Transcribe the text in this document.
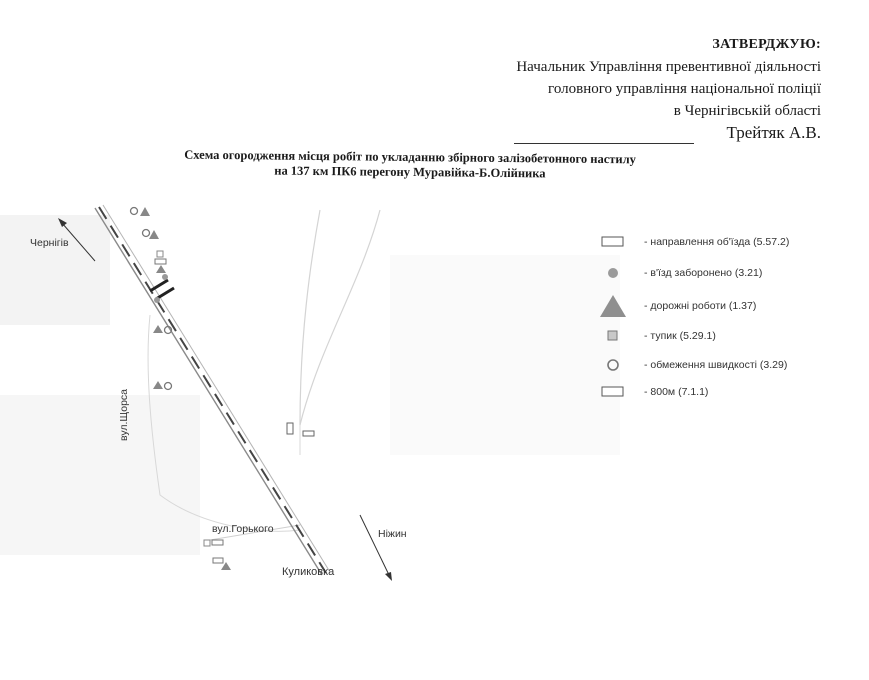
ЗАТВЕРДЖУЮ:
Начальник Управління превентивної діяльності
головного управління національної поліції
в Чернігівській області
Трейтяк А.В.
Схема огородження місця робіт по укладанню збірного залізобетонного настилу
на 137 км ПК6 перегону Муравійка-Б.Олійника
Чернігів
вул.Щорса
вул.Горького	Ніжин
Куликовка
- направлення об'їзда (5.57.2)
- в'їзд заборонено (3.21)
- дорожні роботи (1.37)
- тупик (5.29.1)
- обмеження швидкості (3.29)
- 800м (7.1.1)
